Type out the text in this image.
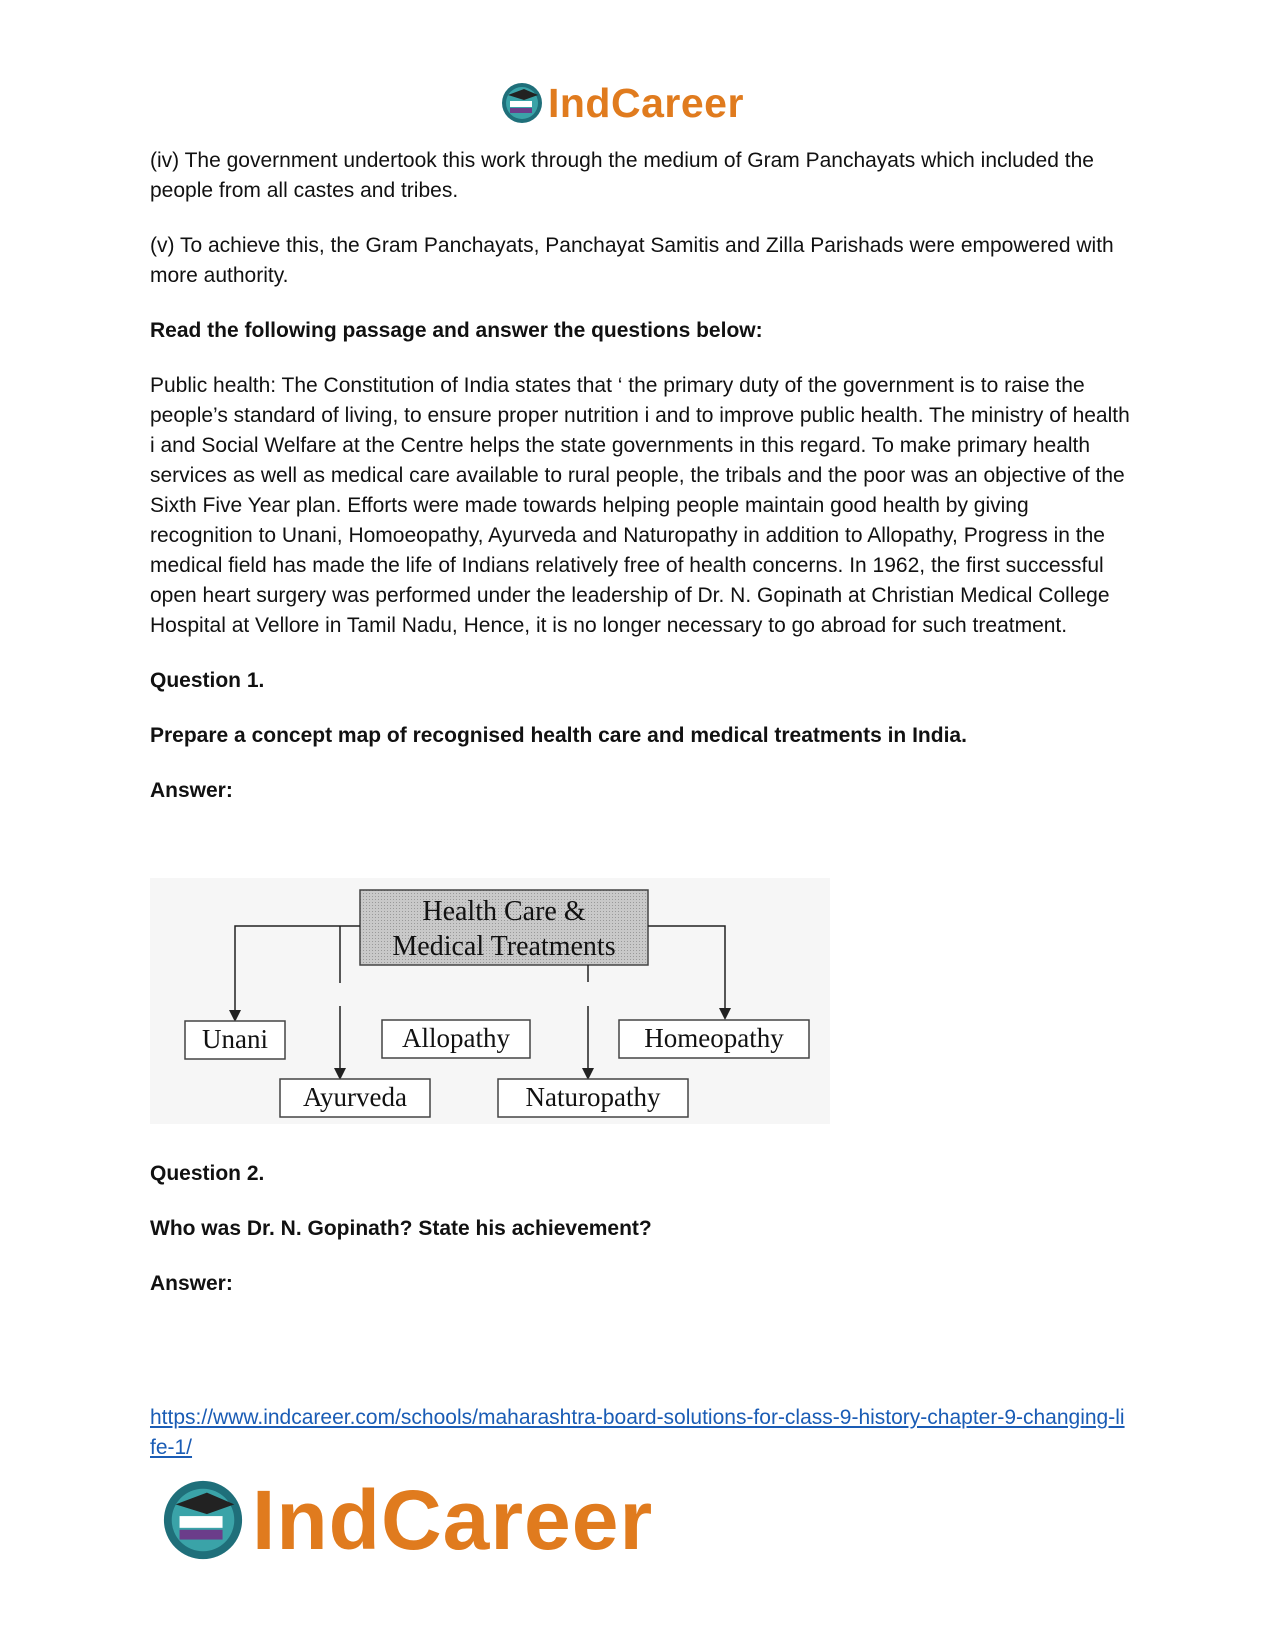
IndCareer

(iv) The government undertook this work through the medium of Gram Panchayats which included the people from all castes and tribes.

(v) To achieve this, the Gram Panchayats, Panchayat Samitis and Zilla Parishads were empowered with more authority.

Read the following passage and answer the questions below:

Public health: The Constitution of India states that ‘ the primary duty of the government is to raise the people’s standard of living, to ensure proper nutrition i and to improve public health. The ministry of health i and Social Welfare at the Centre helps the state governments in this regard. To make primary health services as well as medical care available to rural people, the tribals and the poor was an objective of the Sixth Five Year plan. Efforts were made towards helping people maintain good health by giving recognition to Unani, Homoeopathy, Ayurveda and Naturopathy in addition to Allopathy, Progress in the medical field has made the life of Indians relatively free of health concerns. In 1962, the first successful open heart surgery was performed under the leadership of Dr. N. Gopinath at Christian Medical College Hospital at Vellore in Tamil Nadu, Hence, it is no longer necessary to go abroad for such treatment.

Question 1.

Prepare a concept map of recognised health care and medical treatments in India.

Answer:

Health Care &
Medical Treatments
Unani	Allopathy	Homeopathy
Ayurveda	Naturopathy

Question 2.

Who was Dr. N. Gopinath? State his achievement?

Answer:

https://www.indcareer.com/schools/maharashtra-board-solutions-for-class-9-history-chapter-9-changing-life-1/
IndCareer
